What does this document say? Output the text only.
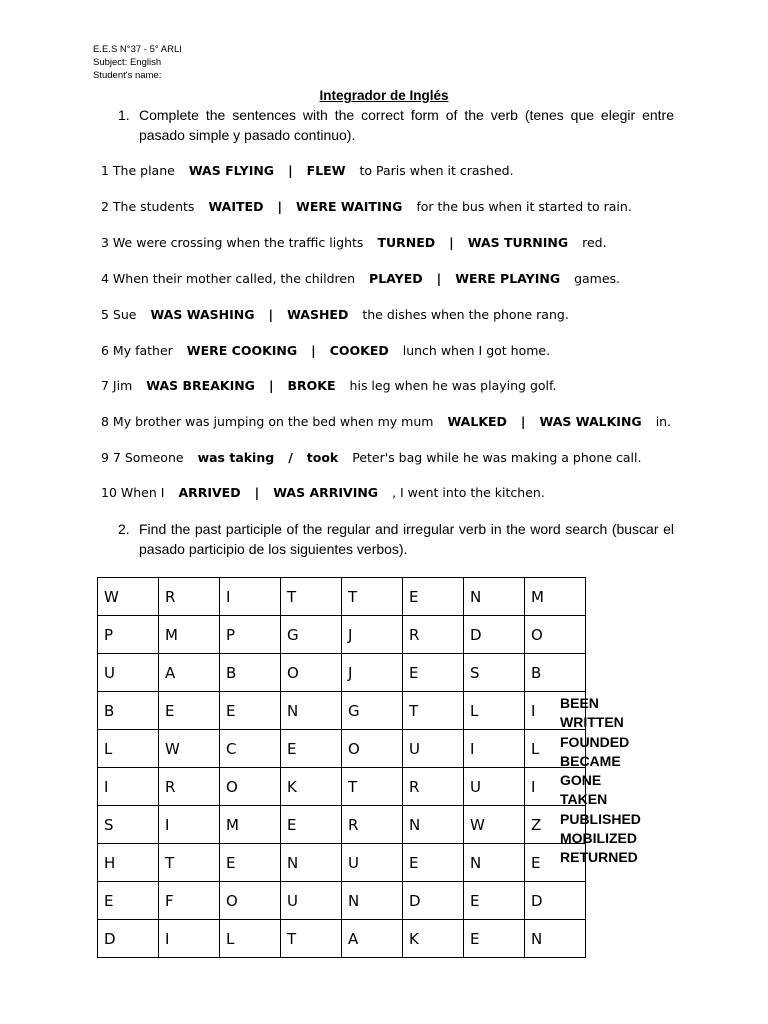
E.E.S N°37 - 5° ARLI
Subject: English
Student's name:
Integrador de Inglés
1. Complete the sentences with the correct form of the verb (tenes que elegir entre pasado simple y pasado continuo).
1 The plane WAS FLYING | FLEW to Paris when it crashed.
2 The students WAITED | WERE WAITING for the bus when it started to rain.
3 We were crossing when the traffic lights TURNED | WAS TURNING red.
4 When their mother called, the children PLAYED | WERE PLAYING games.
5 Sue WAS WASHING | WASHED the dishes when the phone rang.
6 My father WERE COOKING | COOKED lunch when I got home.
7 Jim WAS BREAKING | BROKE his leg when he was playing golf.
8 My brother was jumping on the bed when my mum WALKED | WAS WALKING in.
9 7 Someone was taking / took Peter's bag while he was making a phone call.
10 When I ARRIVED | WAS ARRIVING , I went into the kitchen.
2. Find the past participle of the regular and irregular verb in the word search (buscar el pasado participio de los siguientes verbos).
W	R	I	T	T	E	N	M
P	M	P	G	J	R	D	O
U	A	B	O	J	E	S	B
B	E	E	N	G	T	L	I
L	W	C	E	O	U	I	L
I	R	O	K	T	R	U	I
S	I	M	E	R	N	W	Z
H	T	E	N	U	E	N	E
E	F	O	U	N	D	E	D
D	I	L	T	A	K	E	N
BEEN
WRITTEN
FOUNDED
BECAME
GONE
TAKEN
PUBLISHED
MOBILIZED
RETURNED
